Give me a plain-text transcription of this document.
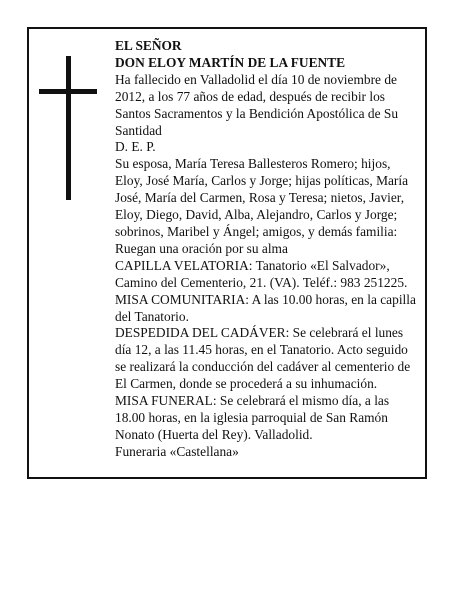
EL SEÑOR

DON ELOY MARTÍN DE LA FUENTE

Ha fallecido en Valladolid el día 10 de noviembre de 2012, a los 77 años de edad, después de recibir los Santos Sacramentos y la Bendición Apostólica de Su Santidad

D. E. P.

Su esposa, María Teresa Ballesteros Romero; hijos, Eloy, José María, Carlos y Jorge; hijas políticas, María José, María del Carmen, Rosa y Teresa; nietos, Javier, Eloy, Diego, David, Alba, Alejandro, Carlos y Jorge; sobrinos, Maribel y Ángel; amigos, y demás familia:

Ruegan una oración por su alma

CAPILLA VELATORIA: Tanatorio «El Salvador», Camino del Cementerio, 21. (VA). Teléf.: 983 251225.

MISA COMUNITARIA: A las 10.00 horas, en la capilla del Tanatorio.

DESPEDIDA DEL CADÁVER: Se celebrará el lunes día 12, a las 11.45 horas, en el Tanatorio. Acto seguido se realizará la conducción del cadáver al cementerio de El Carmen, donde se procederá a su inhumación.

MISA FUNERAL: Se celebrará el mismo día, a las 18.00 horas, en la iglesia parroquial de San Ramón Nonato (Huerta del Rey). Valladolid.

Funeraria «Castellana»
